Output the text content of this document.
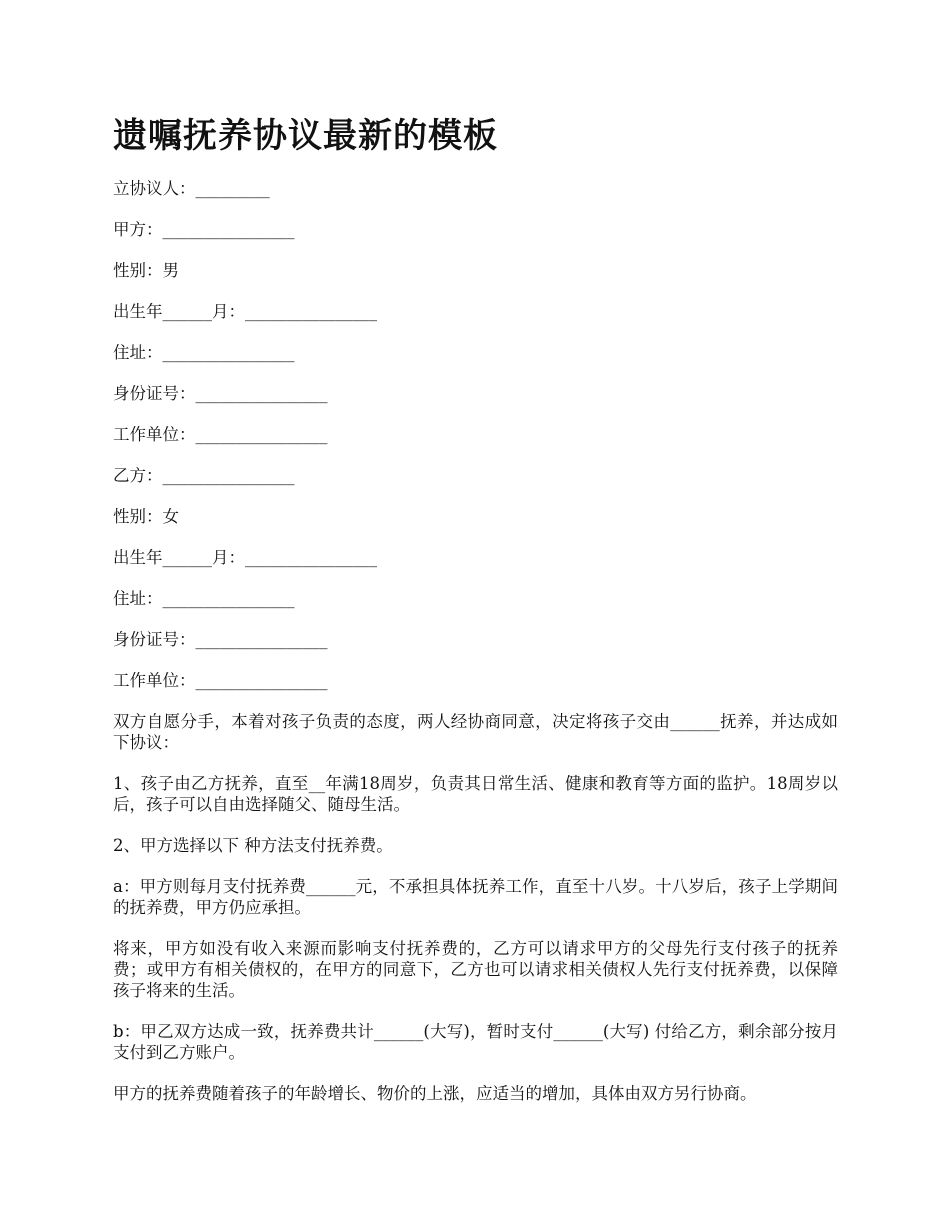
遗嘱抚养协议最新的模板
立协议人：_________
甲方：________________
性别：男
出生年______月：________________
住址：________________
身份证号：________________
工作单位：________________
乙方：________________
性别：女
出生年______月：________________
住址：________________
身份证号：________________
工作单位：________________

双方自愿分手，本着对孩子负责的态度，两人经协商同意，决定将孩子交由______抚养，并达成如下协议：

1、孩子由乙方抚养，直至__年满18周岁，负责其日常生活、健康和教育等方面的监护。18周岁以后，孩子可以自由选择随父、随母生活。

2、甲方选择以下 种方法支付抚养费。

a：甲方则每月支付抚养费______元，不承担具体抚养工作，直至十八岁。十八岁后，孩子上学期间的抚养费，甲方仍应承担。

将来，甲方如没有收入来源而影响支付抚养费的，乙方可以请求甲方的父母先行支付孩子的抚养费；或甲方有相关债权的，在甲方的同意下，乙方也可以请求相关债权人先行支付抚养费，以保障孩子将来的生活。

b：甲乙双方达成一致，抚养费共计______(大写)，暂时支付______(大写) 付给乙方，剩余部分按月支付到乙方账户。

甲方的抚养费随着孩子的年龄增长、物价的上涨，应适当的增加，具体由双方另行协商。
